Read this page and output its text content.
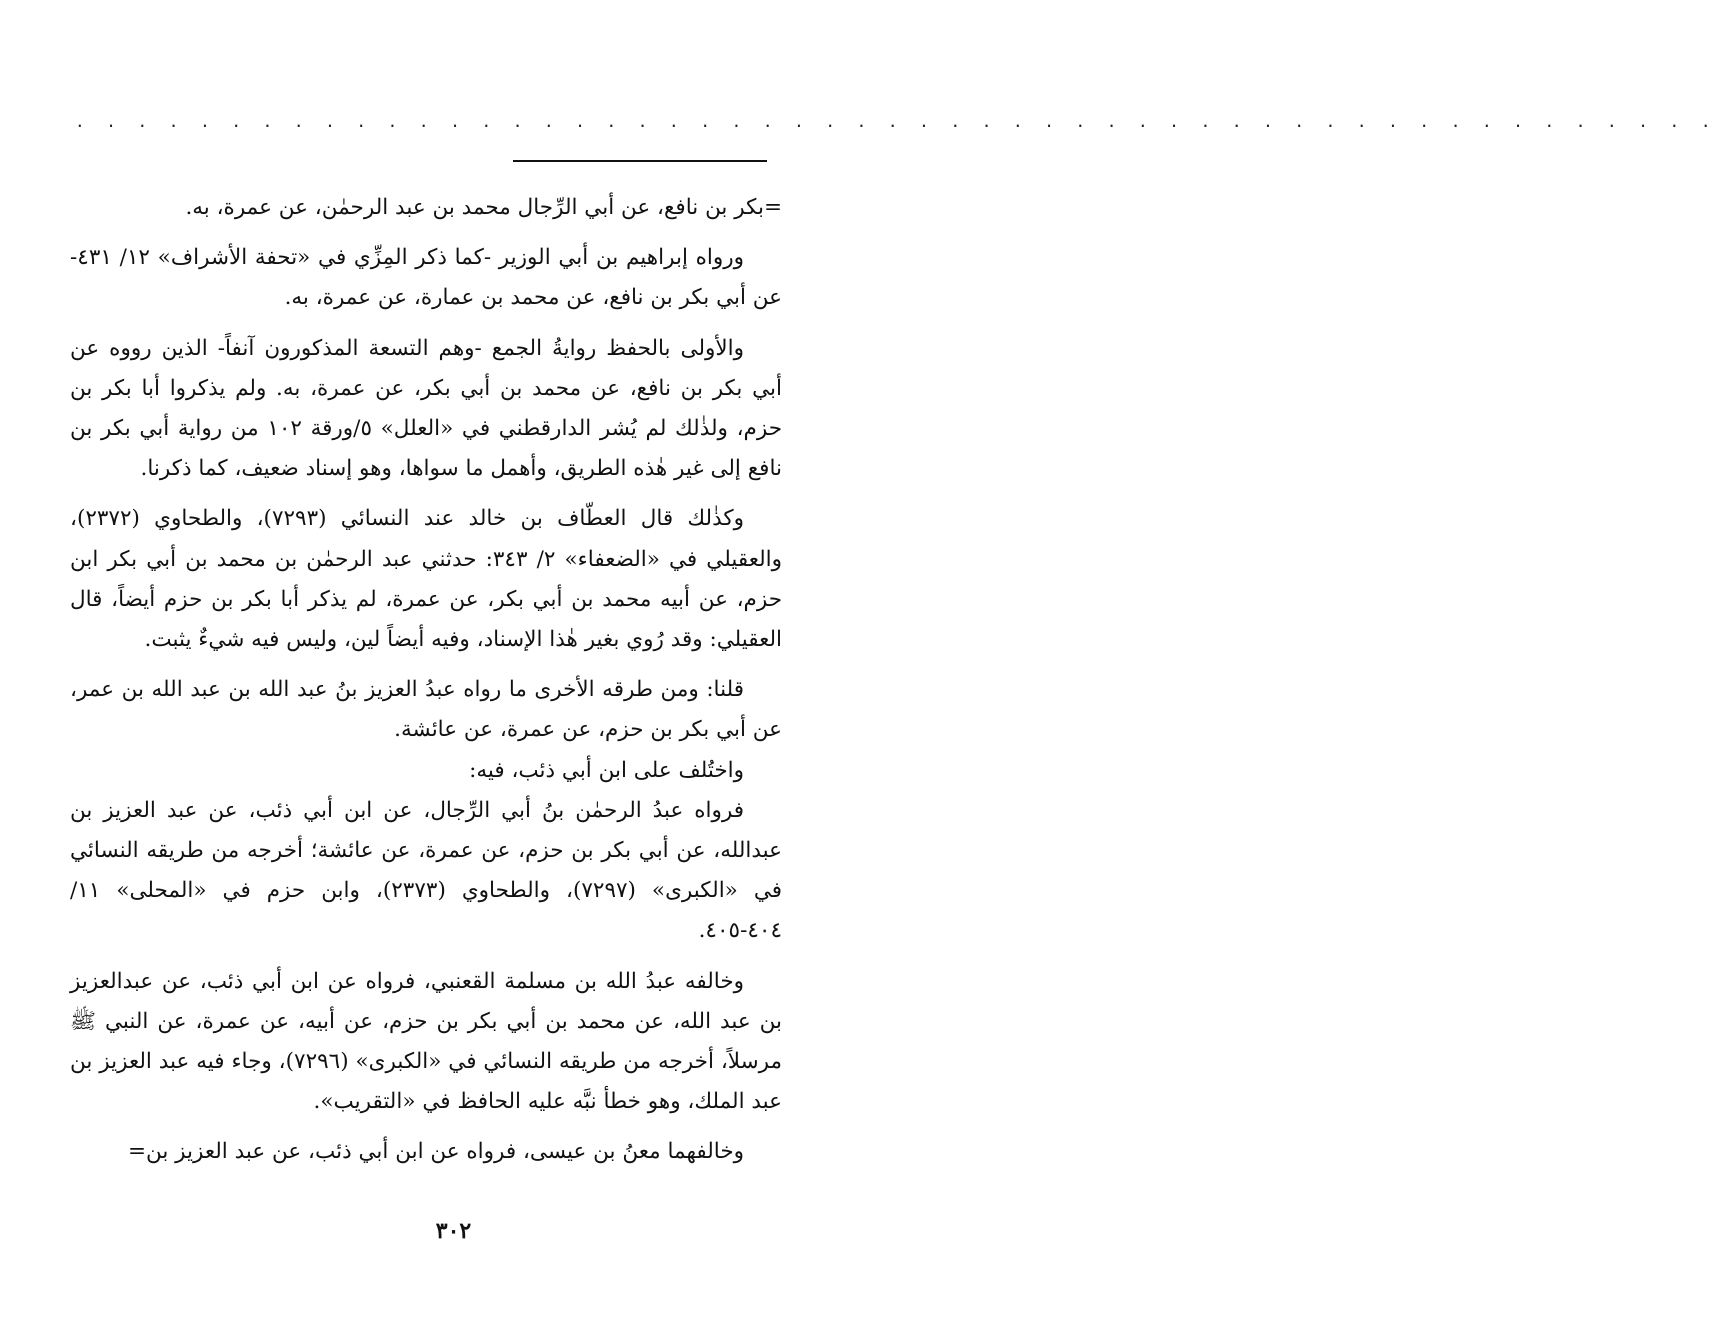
. . . . . . . . . . . . . . . . . . . . . . . . . . . . . . . . . . . . . . . . . . . . . . . . . . . . .

=بكر بن نافع، عن أبي الرِّجال محمد بن عبد الرحمٰن، عن عمرة، به.

ورواه إبراهيم بن أبي الوزير -كما ذكر المِزِّي في «تحفة الأشراف» ١٢/ ٤٣١- عن أبي بكر بن نافع، عن محمد بن عمارة، عن عمرة، به.

والأولى بالحفظ روايةُ الجمع -وهم التسعة المذكورون آنفاً- الذين رووه عن أبي بكر بن نافع، عن محمد بن أبي بكر، عن عمرة، به. ولم يذكروا أبا بكر بن حزم، ولذٰلك لم يُشر الدارقطني في «العلل» ٥/ورقة ١٠٢ من رواية أبي بكر بن نافع إلى غير هٰذه الطريق، وأهمل ما سواها، وهو إسناد ضعيف، كما ذكرنا.

وكذٰلك قال العطّاف بن خالد عند النسائي (٧٢٩٣)، والطحاوي (٢٣٧٢)، والعقيلي في «الضعفاء» ٢/ ٣٤٣: حدثني عبد الرحمٰن بن محمد بن أبي بكر ابن حزم، عن أبيه محمد بن أبي بكر، عن عمرة، لم يذكر أبا بكر بن حزم أيضاً، قال العقيلي: وقد رُوي بغير هٰذا الإسناد، وفيه أيضاً لين، وليس فيه شيءٌ يثبت.

قلنا: ومن طرقه الأخرى ما رواه عبدُ العزيز بنُ عبد الله بن عبد الله بن عمر، عن أبي بكر بن حزم، عن عمرة، عن عائشة.

واختُلف على ابن أبي ذئب، فيه:

فرواه عبدُ الرحمٰن بنُ أبي الرِّجال، عن ابن أبي ذئب، عن عبد العزيز بن عبدالله، عن أبي بكر بن حزم، عن عمرة، عن عائشة؛ أخرجه من طريقه النسائي في «الكبرى» (٧٢٩٧)، والطحاوي (٢٣٧٣)، وابن حزم في «المحلى» ١١/ ٤٠٤-٤٠٥.

وخالفه عبدُ الله بن مسلمة القعنبي، فرواه عن ابن أبي ذئب، عن عبدالعزيز بن عبد الله، عن محمد بن أبي بكر بن حزم، عن أبيه، عن عمرة، عن النبي ﷺ مرسلاً، أخرجه من طريقه النسائي في «الكبرى» (٧٢٩٦)، وجاء فيه عبد العزيز بن عبد الملك، وهو خطأ نبَّه عليه الحافظ في «التقريب».

وخالفهما معنُ بن عيسى، فرواه عن ابن أبي ذئب، عن عبد العزيز بن=

٣٠٢
